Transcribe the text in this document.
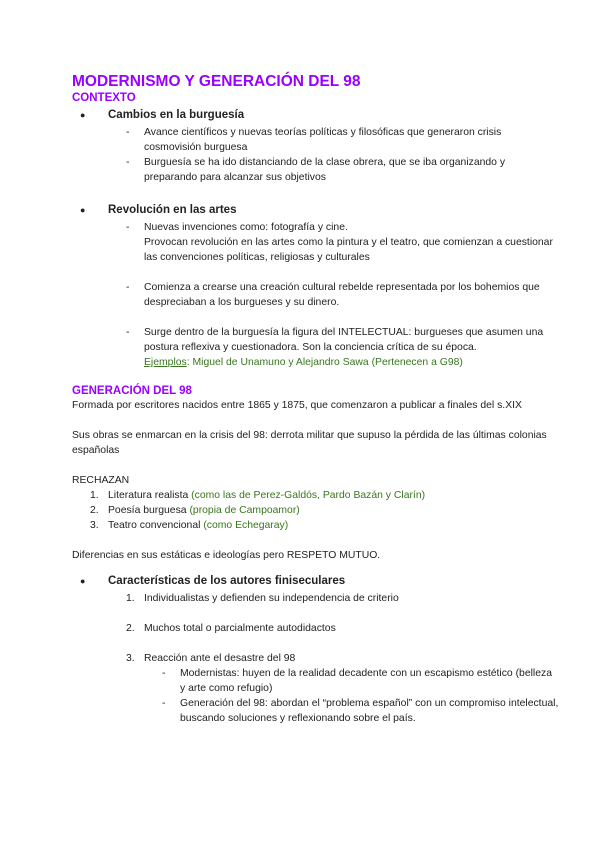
MODERNISMO Y GENERACIÓN DEL 98
CONTEXTO
● Cambios en la burguesía
- Avance científicos y nuevas teorías políticas y filosóficas que generaron crisis cosmovisión burguesa
- Burguesía se ha ido distanciando de la clase obrera, que se iba organizando y preparando para alcanzar sus objetivos
● Revolución en las artes
- Nuevas invenciones como: fotografía y cine.
Provocan revolución en las artes como la pintura y el teatro, que comienzan a cuestionar las convenciones políticas, religiosas y culturales
- Comienza a crearse una creación cultural rebelde representada por los bohemios que despreciaban a los burgueses y su dinero.
- Surge dentro de la burguesía la figura del INTELECTUAL: burgueses que asumen una postura reflexiva y cuestionadora. Son la conciencia crítica de su época.
Ejemplos: Miguel de Unamuno y Alejandro Sawa (Pertenecen a G98)
GENERACIÓN DEL 98

Formada por escritores nacidos entre 1865 y 1875, que comenzaron a publicar a finales del s.XIX

Sus obras se enmarcan en la crisis del 98: derrota militar que supuso la pérdida de las últimas colonias españolas

RECHAZAN

1. Literatura realista (como las de Perez-Galdós, Pardo Bazán y Clarín)
2. Poesía burguesa (propia de Campoamor)
3. Teatro convencional (como Echegaray)

Diferencias en sus estáticas e ideologías pero RESPETO MUTUO.

● Características de los autores finiseculares
1. Individualistas y defienden su independencia de criterio
2. Muchos total o parcialmente autodidactos
3. Reacción ante el desastre del 98
- Modernistas: huyen de la realidad decadente con un escapismo estético (belleza y arte como refugio)
- Generación del 98: abordan el “problema español” con un compromiso intelectual, buscando soluciones y reflexionando sobre el país.
